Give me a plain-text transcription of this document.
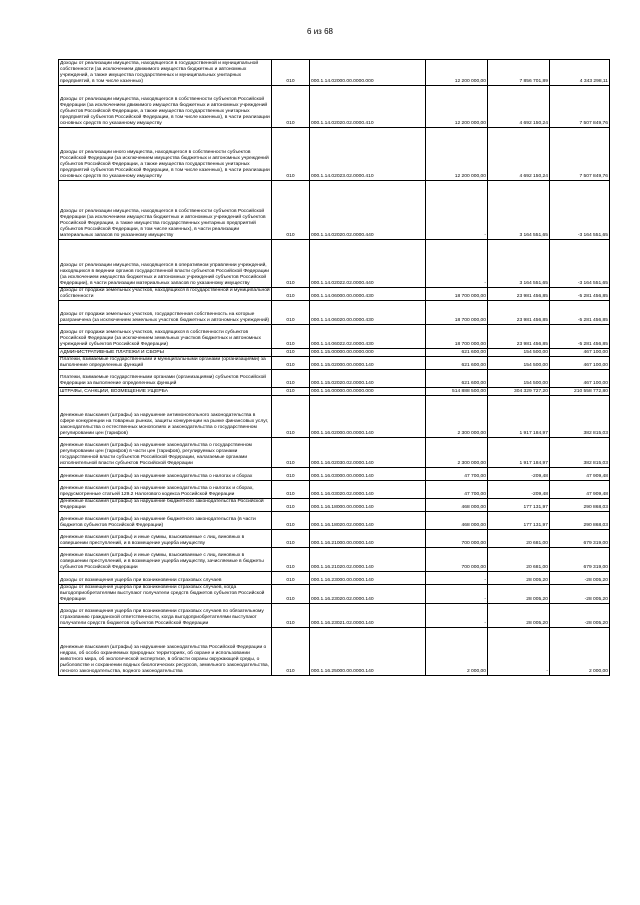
6 из 68
Доходы от реализации имущества, находящегося в государственной и муниципальной собственности (за исключением движимого имущества бюджетных и автономных учреждений, а также имущества государственных и муниципальных унитарных предприятий, в том числе казенных)	010	000.1.14.02000.00.0000.000	12 200 000,00	7 856 701,89	4 343 298,11
Доходы от реализации имущества, находящегося в собственности субъектов Российской Федерации (за исключением движимого имущества бюджетных и автономных учреждений субъектов Российской Федерации, а также имущества государственных унитарных предприятий субъектов Российской Федерации, в том числе казенных), в части реализации основных средств по указанному имуществу	010	000.1.14.02020.02.0000.410	12 200 000,00	4 692 150,24	7 507 849,76
Доходы от реализации иного имущества, находящегося в собственности субъектов Российской Федерации (за исключением имущества бюджетных и автономных учреждений субъектов Российской Федерации, а также имущества государственных унитарных предприятий субъектов Российской Федерации, в том числе казенных), в части реализации основных средств по указанному имуществу	010	000.1.14.02023.02.0000.410	12 200 000,00	4 692 150,24	7 507 849,76
Доходы от реализации имущества, находящегося в собственности субъектов Российской Федерации (за исключением имущества бюджетных и автономных учреждений субъектов Российской Федерации, а также имущества государственных унитарных предприятий субъектов Российской Федерации, в том числе казенных), в части реализации материальных запасов по указанному имуществу	010	000.1.14.02020.02.0000.440	-	3 164 551,65	-3 164 551,65
Доходы от реализации имущества, находящегося в оперативном управлении учреждений, находящихся в ведении органов государственной власти субъектов Российской Федерации (за исключением имущества бюджетных и автономных учреждений субъектов Российской Федерации), в части реализации материальных запасов по указанному имуществу	010	000.1.14.02022.02.0000.440	-	3 164 551,65	-3 164 551,65
Доходы от продажи земельных участков, находящихся в государственной и муниципальной собственности	010	000.1.14.06000.00.0000.430	18 700 000,00	23 981 456,85	-5 281 456,85
Доходы от продажи земельных участков, государственная собственность на которые разграничена (за исключением земельных участков бюджетных и автономных учреждений)	010	000.1.14.06020.00.0000.430	18 700 000,00	23 981 456,85	-5 281 456,85
Доходы от продажи земельных участков, находящихся в собственности субъектов Российской Федерации (за исключением земельных участков бюджетных и автономных учреждений субъектов Российской Федерации)	010	000.1.14.06022.02.0000.430	18 700 000,00	23 981 456,85	-5 281 456,85
АДМИНИСТРАТИВНЫЕ ПЛАТЕЖИ И СБОРЫ	010	000.1.15.00000.00.0000.000	621 600,00	154 500,00	467 100,00
Платежи, взимаемые государственными и муниципальными органами (организациями) за выполнение определенных функций	010	000.1.15.02000.00.0000.140	621 600,00	154 500,00	467 100,00
Платежи, взимаемые государственными органами (организациями) субъектов Российской Федерации за выполнение определенных функций	010	000.1.15.02020.02.0000.140	621 600,00	154 500,00	467 100,00
ШТРАФЫ, САНКЦИИ, ВОЗМЕЩЕНИЕ УЩЕРБА	010	000.1.16.00000.00.0000.000	514 888 500,00	304 329 727,20	210 558 772,80
Денежные взыскания (штрафы) за нарушение антимонопольного законодательства в сфере конкуренции на товарных рынках, защиты конкуренции на рынке финансовых услуг, законодательства о естественных монополиях и законодательства о государственном регулировании цен (тарифов)	010	000.1.16.02000.00.0000.140	2 300 000,00	1 917 184,97	382 815,03
Денежные взыскания (штрафы) за нарушение законодательства о государственном регулировании цен (тарифов) в части цен (тарифов), регулируемых органами государственной власти субъектов Российской Федерации, налагаемые органами исполнительной власти субъектов Российской Федерации	010	000.1.16.02030.02.0000.140	2 300 000,00	1 917 184,97	382 815,03
Денежные взыскания (штрафы) за нарушение законодательства о налогах и сборах	010	000.1.16.03000.00.0000.140	47 700,00	-209,48	47 909,48
Денежные взыскания (штрафы) за нарушение законодательства о налогах и сборах, предусмотренные статьей 129.2 Налогового кодекса Российской Федерации	010	000.1.16.03020.02.0000.140	47 700,00	-209,48	47 909,48
Денежные взыскания (штрафы) за нарушение бюджетного законодательства Российской Федерации	010	000.1.16.18000.00.0000.140	468 000,00	177 131,97	290 868,03
Денежные взыскания (штрафы) за нарушение бюджетного законодательства (в части бюджетов субъектов Российской Федерации)	010	000.1.16.18020.02.0000.140	468 000,00	177 131,97	290 868,03
Денежные взыскания (штрафы) и иные суммы, взыскиваемые с лиц, виновных в совершении преступлений, и в возмещение ущерба имуществу	010	000.1.16.21000.00.0000.140	700 000,00	20 681,00	679 319,00
Денежные взыскания (штрафы) и иные суммы, взыскиваемые с лиц, виновных в совершении преступлений, и в возмещение ущерба имуществу, зачисляемые в бюджеты субъектов Российской Федерации	010	000.1.16.21020.02.0000.140	700 000,00	20 681,00	679 319,00
Доходы от возмещения ущерба при возникновении страховых случаев	010	000.1.16.23000.00.0000.140	-	28 005,20	-28 005,20
Доходы от возмещения ущерба при возникновении страховых случаев, когда выгодоприобретателями выступают получатели средств бюджетов субъектов Российской Федерации	010	000.1.16.23020.02.0000.140	-	28 005,20	-28 005,20
Доходы от возмещения ущерба при возникновении страховых случаев по обязательному страхованию гражданской ответственности, когда выгодоприобретателями выступают получатели средств бюджетов субъектов Российской Федерации	010	000.1.16.23021.02.0000.140	-	28 005,20	-28 005,20
Денежные взыскания (штрафы) за нарушение законодательства Российской Федерации о недрах, об особо охраняемых природных территориях, об охране и использовании животного мира, об экологической экспертизе, в области охраны окружающей среды, о рыболовстве и сохранении водных биологических ресурсов, земельного законодательства, лесного законодательства, водного законодательства	010	000.1.16.25000.00.0000.140	2 000,00	-	2 000,00
